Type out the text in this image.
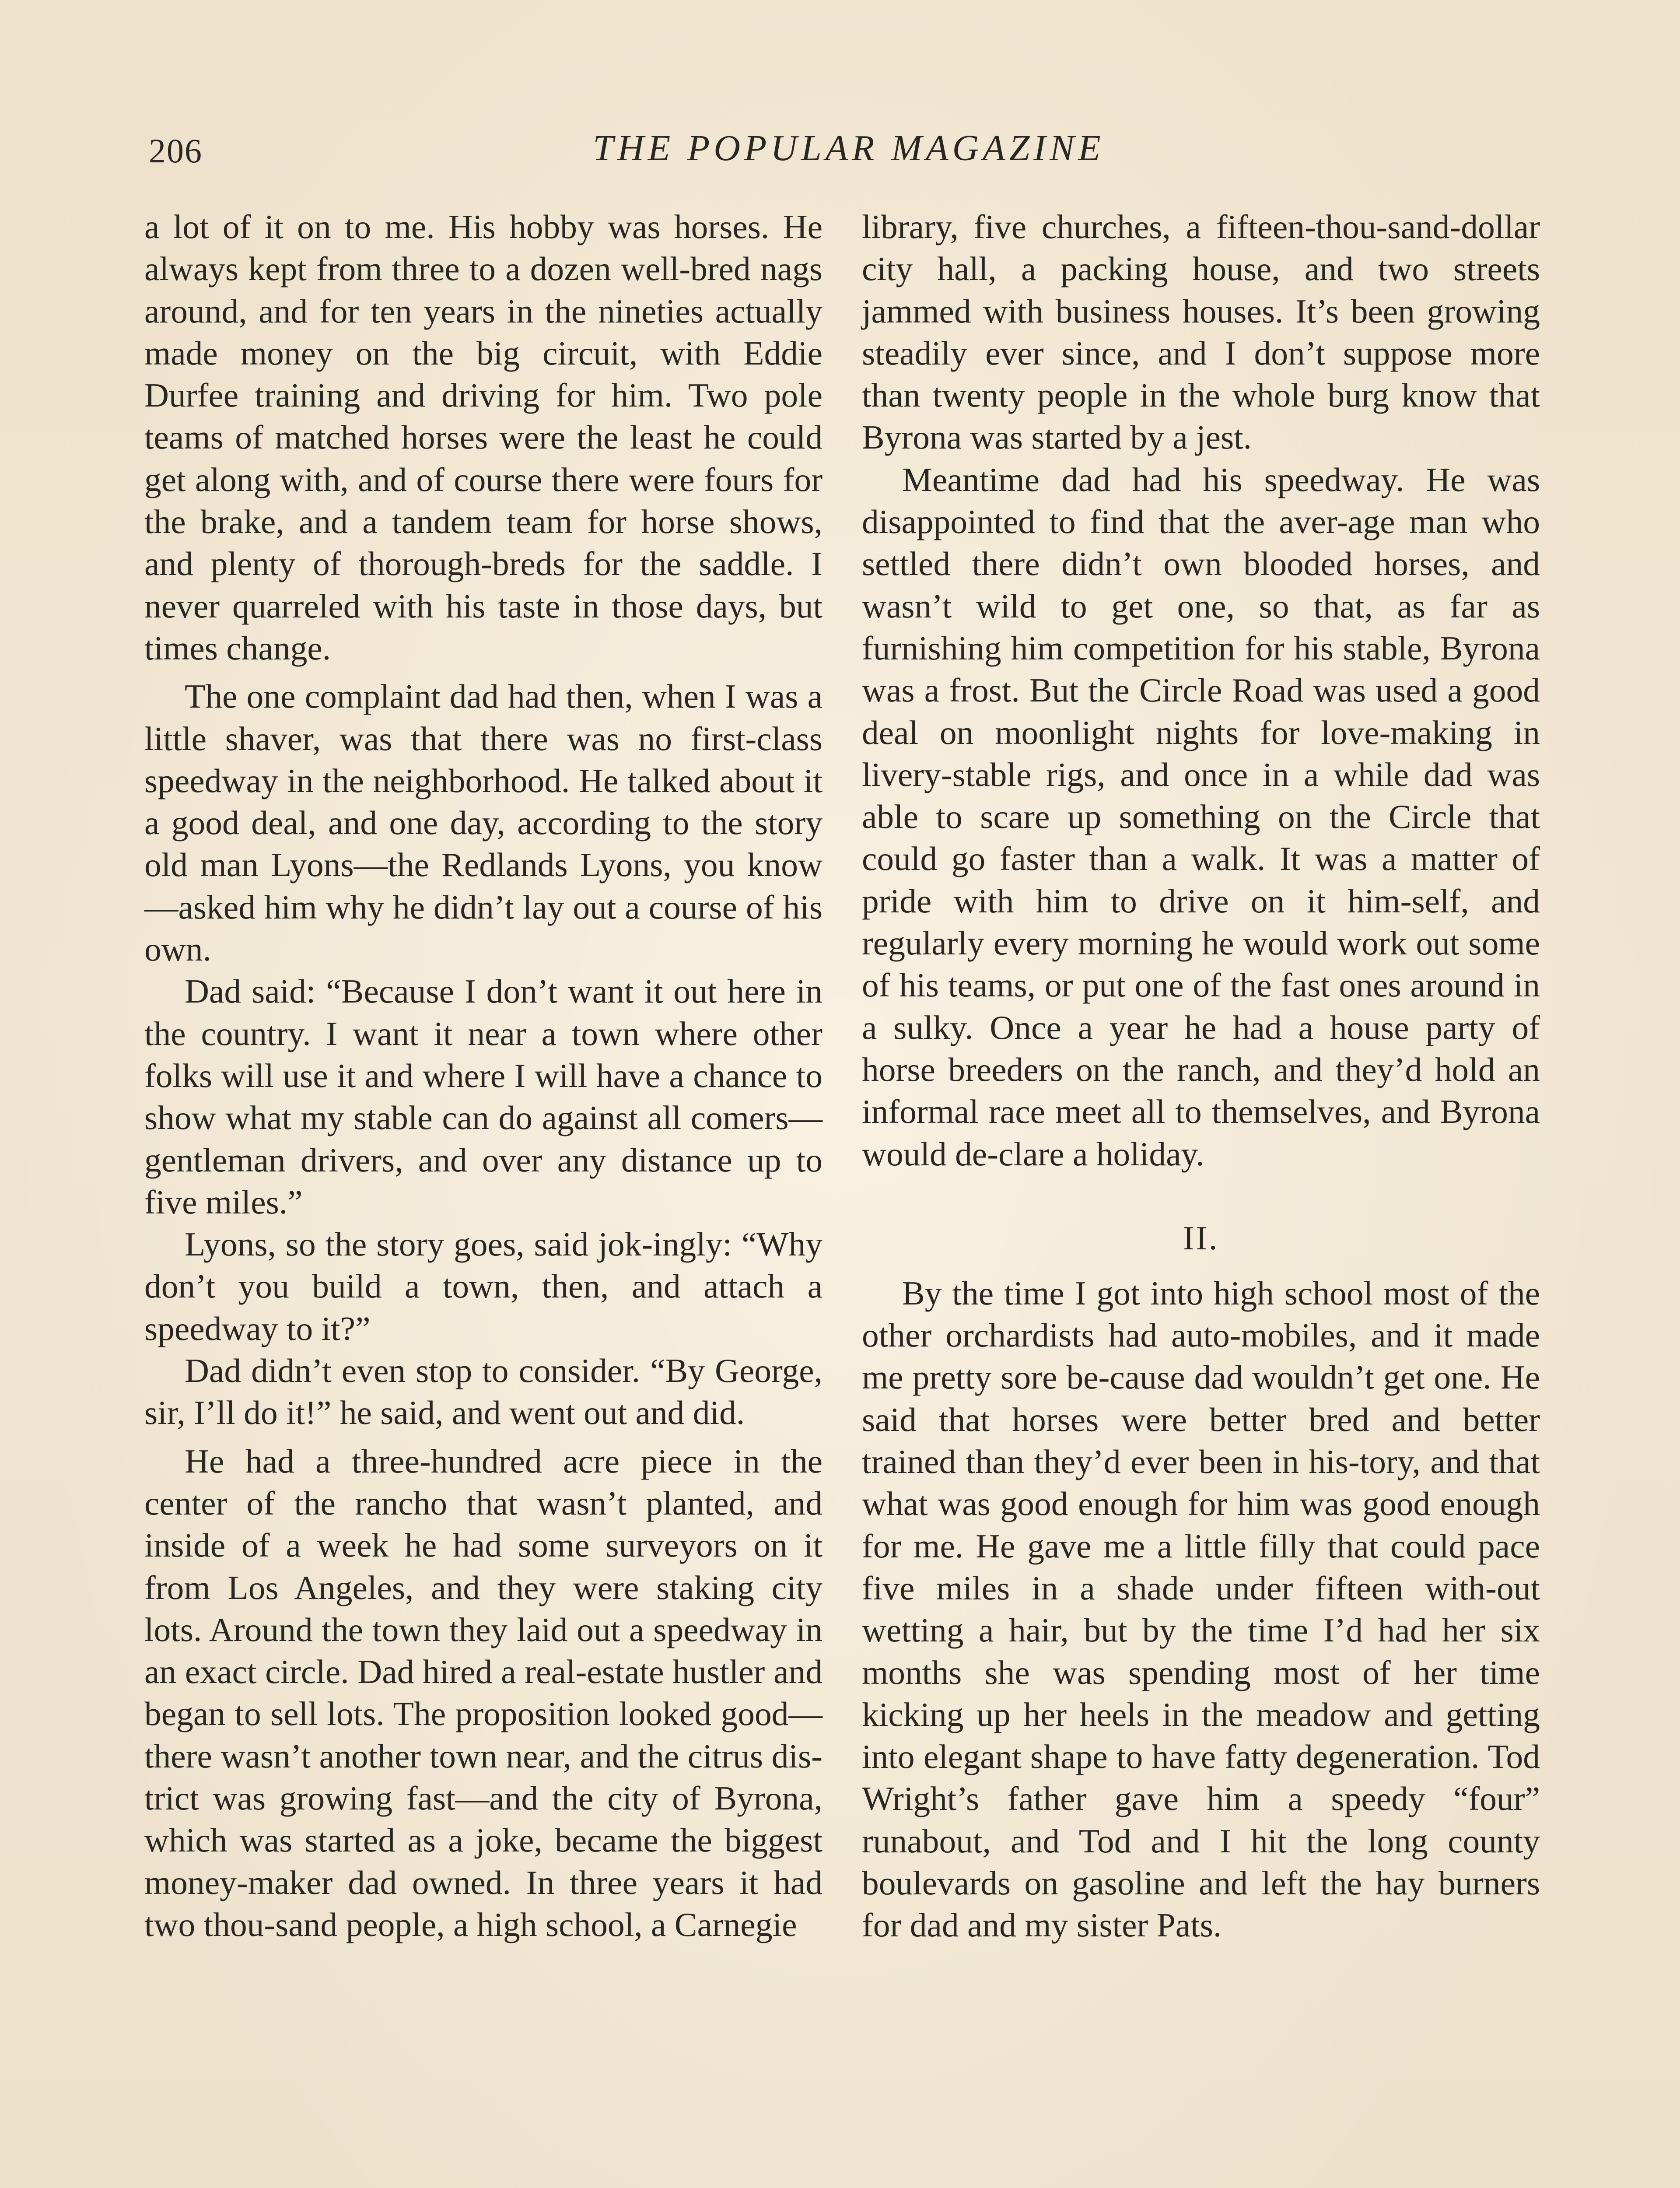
206	THE POPULAR MAGAZINE

a lot of it on to me. His hobby was horses. He always kept from three to a dozen well-bred nags around, and for ten years in the nineties actually made money on the big circuit, with Eddie Durfee training and driving for him. Two pole teams of matched horses were the least he could get along with, and of course there were fours for the brake, and a tandem team for horse shows, and plenty of thorough-breds for the saddle. I never quarreled with his taste in those days, but times change.

The one complaint dad had then, when I was a little shaver, was that there was no first-class speedway in the neighborhood. He talked about it a good deal, and one day, according to the story old man Lyons—the Redlands Lyons, you know—asked him why he didn’t lay out a course of his own.

Dad said: “Because I don’t want it out here in the country. I want it near a town where other folks will use it and where I will have a chance to show what my stable can do against all comers—gentleman drivers, and over any distance up to five miles.”

Lyons, so the story goes, said jok-ingly: “Why don’t you build a town, then, and attach a speedway to it?”

Dad didn’t even stop to consider. “By George, sir, I’ll do it!” he said, and went out and did.

He had a three-hundred acre piece in the center of the rancho that wasn’t planted, and inside of a week he had some surveyors on it from Los Angeles, and they were staking city lots. Around the town they laid out a speedway in an exact circle. Dad hired a real-estate hustler and began to sell lots. The proposition looked good—there wasn’t another town near, and the citrus dis-trict was growing fast—and the city of Byrona, which was started as a joke, became the biggest money-maker dad owned. In three years it had two thou-sand people, a high school, a Carnegie

library, five churches, a fifteen-thou-sand-dollar city hall, a packing house, and two streets jammed with business houses. It’s been growing steadily ever since, and I don’t suppose more than twenty people in the whole burg know that Byrona was started by a jest.

Meantime dad had his speedway. He was disappointed to find that the aver-age man who settled there didn’t own blooded horses, and wasn’t wild to get one, so that, as far as furnishing him competition for his stable, Byrona was a frost. But the Circle Road was used a good deal on moonlight nights for love-making in livery-stable rigs, and once in a while dad was able to scare up something on the Circle that could go faster than a walk. It was a matter of pride with him to drive on it him-self, and regularly every morning he would work out some of his teams, or put one of the fast ones around in a sulky. Once a year he had a house party of horse breeders on the ranch, and they’d hold an informal race meet all to themselves, and Byrona would de-clare a holiday.

II.

By the time I got into high school most of the other orchardists had auto-mobiles, and it made me pretty sore be-cause dad wouldn’t get one. He said that horses were better bred and better trained than they’d ever been in his-tory, and that what was good enough for him was good enough for me. He gave me a little filly that could pace five miles in a shade under fifteen with-out wetting a hair, but by the time I’d had her six months she was spending most of her time kicking up her heels in the meadow and getting into elegant shape to have fatty degeneration. Tod Wright’s father gave him a speedy “four” runabout, and Tod and I hit the long county boulevards on gasoline and left the hay burners for dad and my sister Pats.
